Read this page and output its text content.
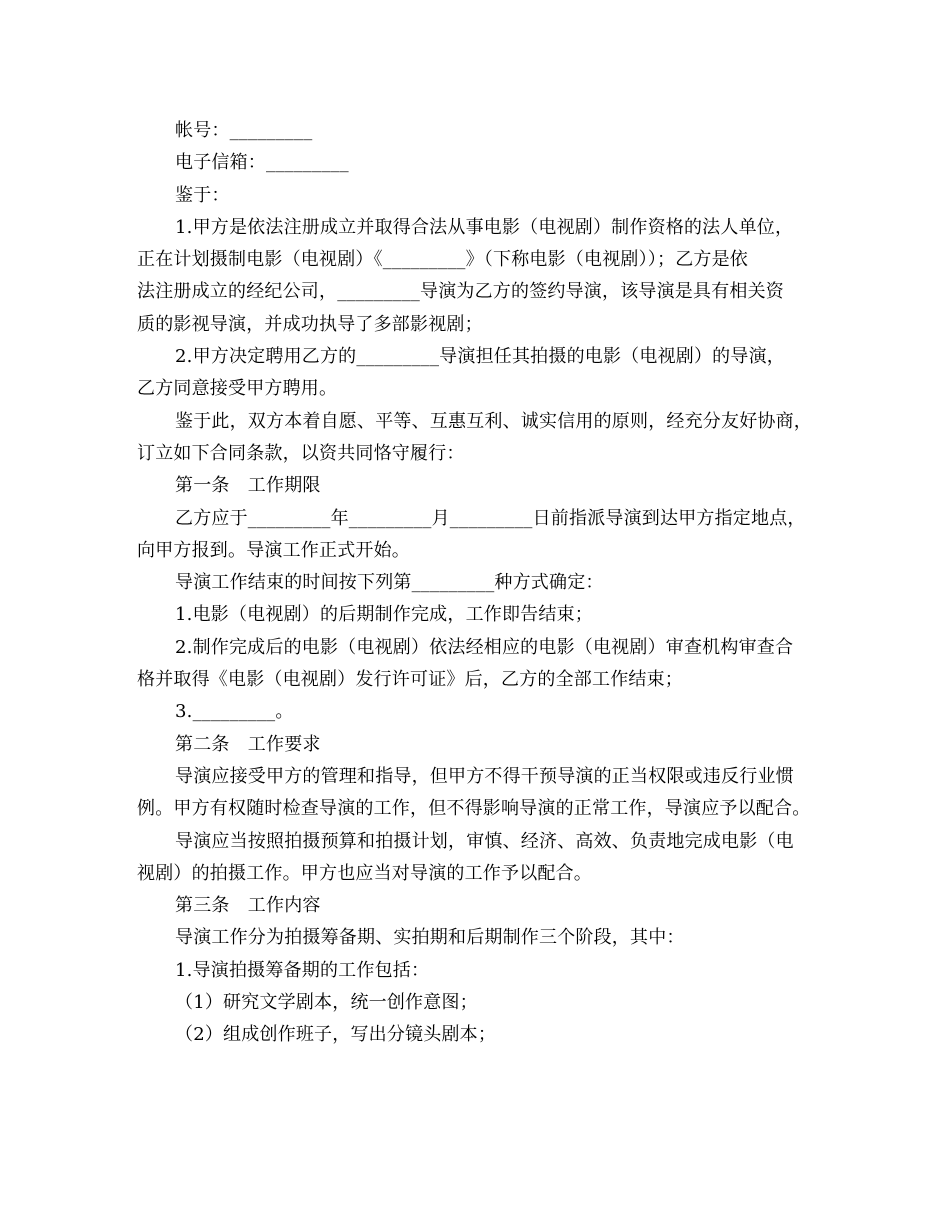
帐号：_________

电子信箱：_________

鉴于：

1.甲方是依法注册成立并取得合法从事电影（电视剧）制作资格的法人单位，

正在计划摄制电影（电视剧）《_________》（下称电影（电视剧））；乙方是依

法注册成立的经纪公司，_________导演为乙方的签约导演，该导演是具有相关资

质的影视导演，并成功执导了多部影视剧；

2.甲方决定聘用乙方的_________导演担任其拍摄的电影（电视剧）的导演，

乙方同意接受甲方聘用。

鉴于此，双方本着自愿、平等、互惠互利、诚实信用的原则，经充分友好协商，

订立如下合同条款，以资共同恪守履行：

第一条　工作期限

乙方应于_________年_________月_________日前指派导演到达甲方指定地点，

向甲方报到。导演工作正式开始。

导演工作结束的时间按下列第_________种方式确定：

1.电影（电视剧）的后期制作完成，工作即告结束；

2.制作完成后的电影（电视剧）依法经相应的电影（电视剧）审查机构审查合

格并取得《电影（电视剧）发行许可证》后，乙方的全部工作结束；

3._________。

第二条　工作要求

导演应接受甲方的管理和指导，但甲方不得干预导演的正当权限或违反行业惯

例。甲方有权随时检查导演的工作，但不得影响导演的正常工作，导演应予以配合。

导演应当按照拍摄预算和拍摄计划，审慎、经济、高效、负责地完成电影（电

视剧）的拍摄工作。甲方也应当对导演的工作予以配合。

第三条　工作内容

导演工作分为拍摄筹备期、实拍期和后期制作三个阶段，其中：

1.导演拍摄筹备期的工作包括：

（1）研究文学剧本，统一创作意图；

（2）组成创作班子，写出分镜头剧本；
